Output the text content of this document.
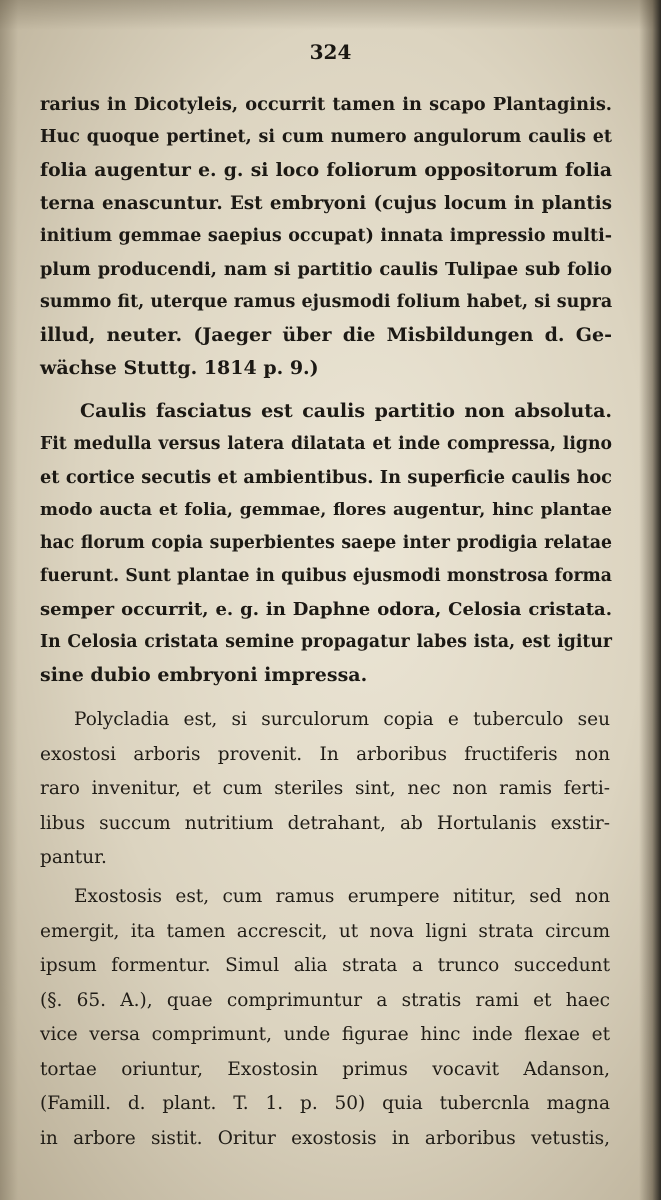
324
rarius in Dicotyleis, occurrit tamen in scapo Plantaginis.
Huc quoque pertinet, si cum numero angulorum caulis et
folia augentur e. g. si loco foliorum oppositorum folia
terna enascuntur. Est embryoni (cujus locum in plantis
initium gemmae saepius occupat) innata impressio multi-
plum producendi, nam si partitio caulis Tulipae sub folio
summo fit, uterque ramus ejusmodi folium habet, si supra
illud, neuter. (Jaeger über die Misbildungen d. Ge-
wächse Stuttg. 1814 p. 9.)
Caulis fasciatus est caulis partitio non absoluta.
Fit medulla versus latera dilatata et inde compressa, ligno
et cortice secutis et ambientibus. In superficie caulis hoc
modo aucta et folia, gemmae, flores augentur, hinc plantae
hac florum copia superbientes saepe inter prodigia relatae
fuerunt. Sunt plantae in quibus ejusmodi monstrosa forma
semper occurrit, e. g. in Daphne odora, Celosia cristata.
In Celosia cristata semine propagatur labes ista, est igitur
sine dubio embryoni impressa.
Polycladia est, si surculorum copia e tuberculo seu
exostosi arboris provenit. In arboribus fructiferis non
raro invenitur, et cum steriles sint, nec non ramis ferti-
libus succum nutritium detrahant, ab Hortulanis exstir-
pantur.
Exostosis est, cum ramus erumpere nititur, sed non
emergit, ita tamen accrescit, ut nova ligni strata circum
ipsum formentur. Simul alia strata a trunco succedunt
(§. 65. A.), quae comprimuntur a stratis rami et haec
vice versa comprimunt, unde figurae hinc inde flexae et
tortae oriuntur, Exostosin primus vocavit Adanson,
(Famill. d. plant. T. 1. p. 50) quia tubercnla magna
in arbore sistit. Oritur exostosis in arboribus vetustis,
